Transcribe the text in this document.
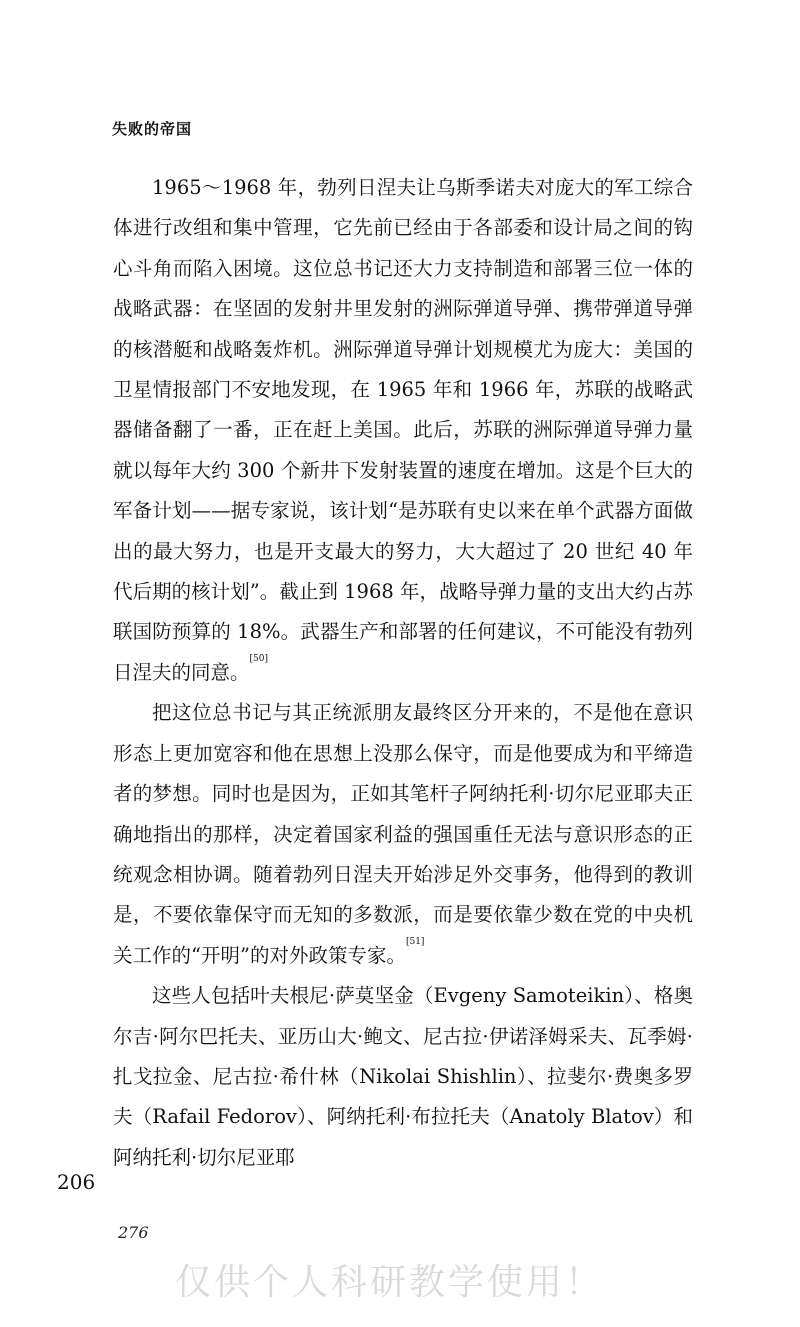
失败的帝国

1965～1968 年，勃列日涅夫让乌斯季诺夫对庞大的军工综合体进行改组和集中管理，它先前已经由于各部委和设计局之间的钩心斗角而陷入困境。这位总书记还大力支持制造和部署三位一体的战略武器：在坚固的发射井里发射的洲际弹道导弹、携带弹道导弹的核潜艇和战略轰炸机。洲际弹道导弹计划规模尤为庞大：美国的卫星情报部门不安地发现，在 1965 年和 1966 年，苏联的战略武器储备翻了一番，正在赶上美国。此后，苏联的洲际弹道导弹力量就以每年大约 300 个新井下发射装置的速度在增加。这是个巨大的军备计划——据专家说，该计划“是苏联有史以来在单个武器方面做出的最大努力，也是开支最大的努力，大大超过了 20 世纪 40 年代后期的核计划”。截止到 1968 年，战略导弹力量的支出大约占苏联国防预算的 18%。武器生产和部署的任何建议，不可能没有勃列日涅夫的同意。[50]

把这位总书记与其正统派朋友最终区分开来的，不是他在意识形态上更加宽容和他在思想上没那么保守，而是他要成为和平缔造者的梦想。同时也是因为，正如其笔杆子阿纳托利·切尔尼亚耶夫正确地指出的那样，决定着国家利益的强国重任无法与意识形态的正统观念相协调。随着勃列日涅夫开始涉足外交事务，他得到的教训是，不要依靠保守而无知的多数派，而是要依靠少数在党的中央机关工作的“开明”的对外政策专家。[51]

这些人包括叶夫根尼·萨莫坚金（Evgeny Samoteikin）、格奥尔吉·阿尔巴托夫、亚历山大·鲍文、尼古拉·伊诺泽姆采夫、瓦季姆·扎戈拉金、尼古拉·希什林（Nikolai Shishlin）、拉斐尔·费奥多罗夫（Rafail Fedorov）、阿纳托利·布拉托夫（Anatoly Blatov）和阿纳托利·切尔尼亚耶

206
276
仅供个人科研教学使用！
